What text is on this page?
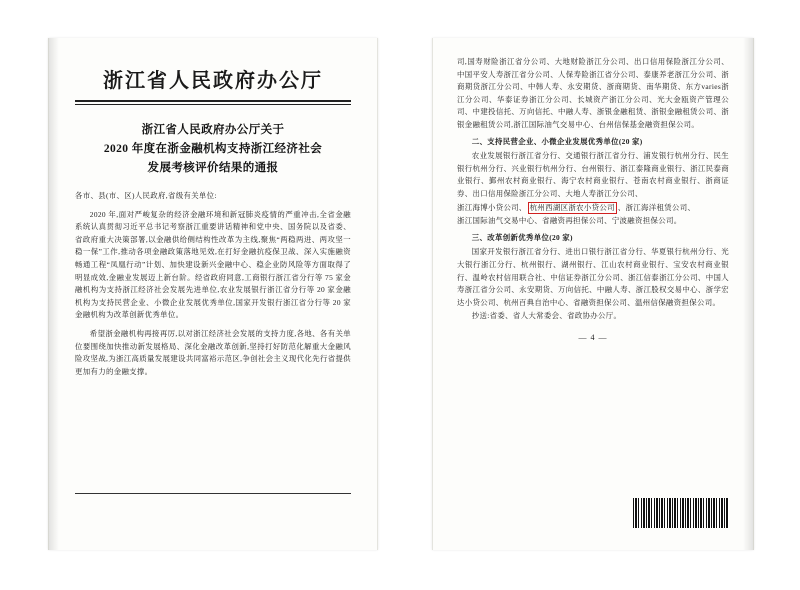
浙江省人民政府办公厅
浙江省人民政府办公厅关于
2020 年度在浙金融机构支持浙江经济社会
发展考核评价结果的通报

各市、县(市、区)人民政府,省级有关单位:

2020 年,面对严峻复杂的经济金融环境和新冠肺炎疫情的严重冲击,全省金融系统认真贯彻习近平总书记考察浙江重要讲话精神和党中央、国务院以及省委、省政府重大决策部署,以金融供给侧结构性改革为主线,聚焦“两稳两进、两攻坚一稳一保”工作,推动各项金融政策落地见效,在打好金融抗疫保卫战、深入实施融资畅通工程“凤凰行动”计划、加快建设新兴金融中心、稳企业防风险等方面取得了明显成效,金融业发展迈上新台阶。经省政府同意,工商银行浙江省分行等 75 家金融机构为支持浙江经济社会发展先进单位,农业发展银行浙江省分行等 20 家金融机构为支持民营企业、小微企业发展优秀单位,国家开发银行浙江省分行等 20 家金融机构为改革创新优秀单位。

希望浙金融机构再接再厉,以对浙江经济社会发展的支持力度,各地、各有关单位要围绕加快推动新发展格局、深化金融改革创新,坚持打好防范化解重大金融风险攻坚战,为浙江高质量发展建设共同富裕示范区,争创社会主义现代化先行省提供更加有力的金融支撑。

司,国寿财险浙江省分公司、大地财险浙江分公司、出口信用保险浙江分公司、中国平安人寿浙江省分公司、人保寿险浙江省分公司、泰康养老浙江分公司、浙商期货浙江分公司、中韩人寿、永安期货、浙商期货、南华期货、东方varies浙江分公司、华泰证券浙江分公司、长城资产浙江分公司、光大金瓯资产管理公司、中建投信托、万向信托、中融人寿、浙银金融租赁、浙银金融租赁公司、浙银金融租赁公司,浙江国际油气交易中心、台州信保基金融资担保公司。

二、支持民营企业、小微企业发展优秀单位(20 家)

农业发展银行浙江省分行、交通银行浙江省分行、浦发银行杭州分行、民生银行杭州分行、兴业银行杭州分行、台州银行、浙江泰隆商业银行、浙江民泰商业银行、鄞州农村商业银行、海宁农村商业银行、苍南农村商业银行、浙商证券、出口信用保险浙江分公司、大地人寿浙江分公司、

浙江海博小贷公司、 杭州西湖区浙农小贷公司 、浙江海洋租赁公司、

浙江国际油气交易中心、省融资再担保公司、宁波融资担保公司。

三、改革创新优秀单位(20 家)

国家开发银行浙江省分行、进出口银行浙江省分行、华夏银行杭州分行、光大银行浙江分行、杭州银行、湖州银行、江山农村商业银行、宝安农村商业银行、温岭农村信用联合社、中信证券浙江分公司、浙江信泰浙江分公司、中国人寿浙江省分公司、永安期货、万向信托、中融人寿、浙江股权交易中心、浙学宏达小贷公司、杭州百典自治中心、省融资担保公司、温州信保融资担保公司。

抄送:省委、省人大常委会、省政协办公厅。

— 4 —
